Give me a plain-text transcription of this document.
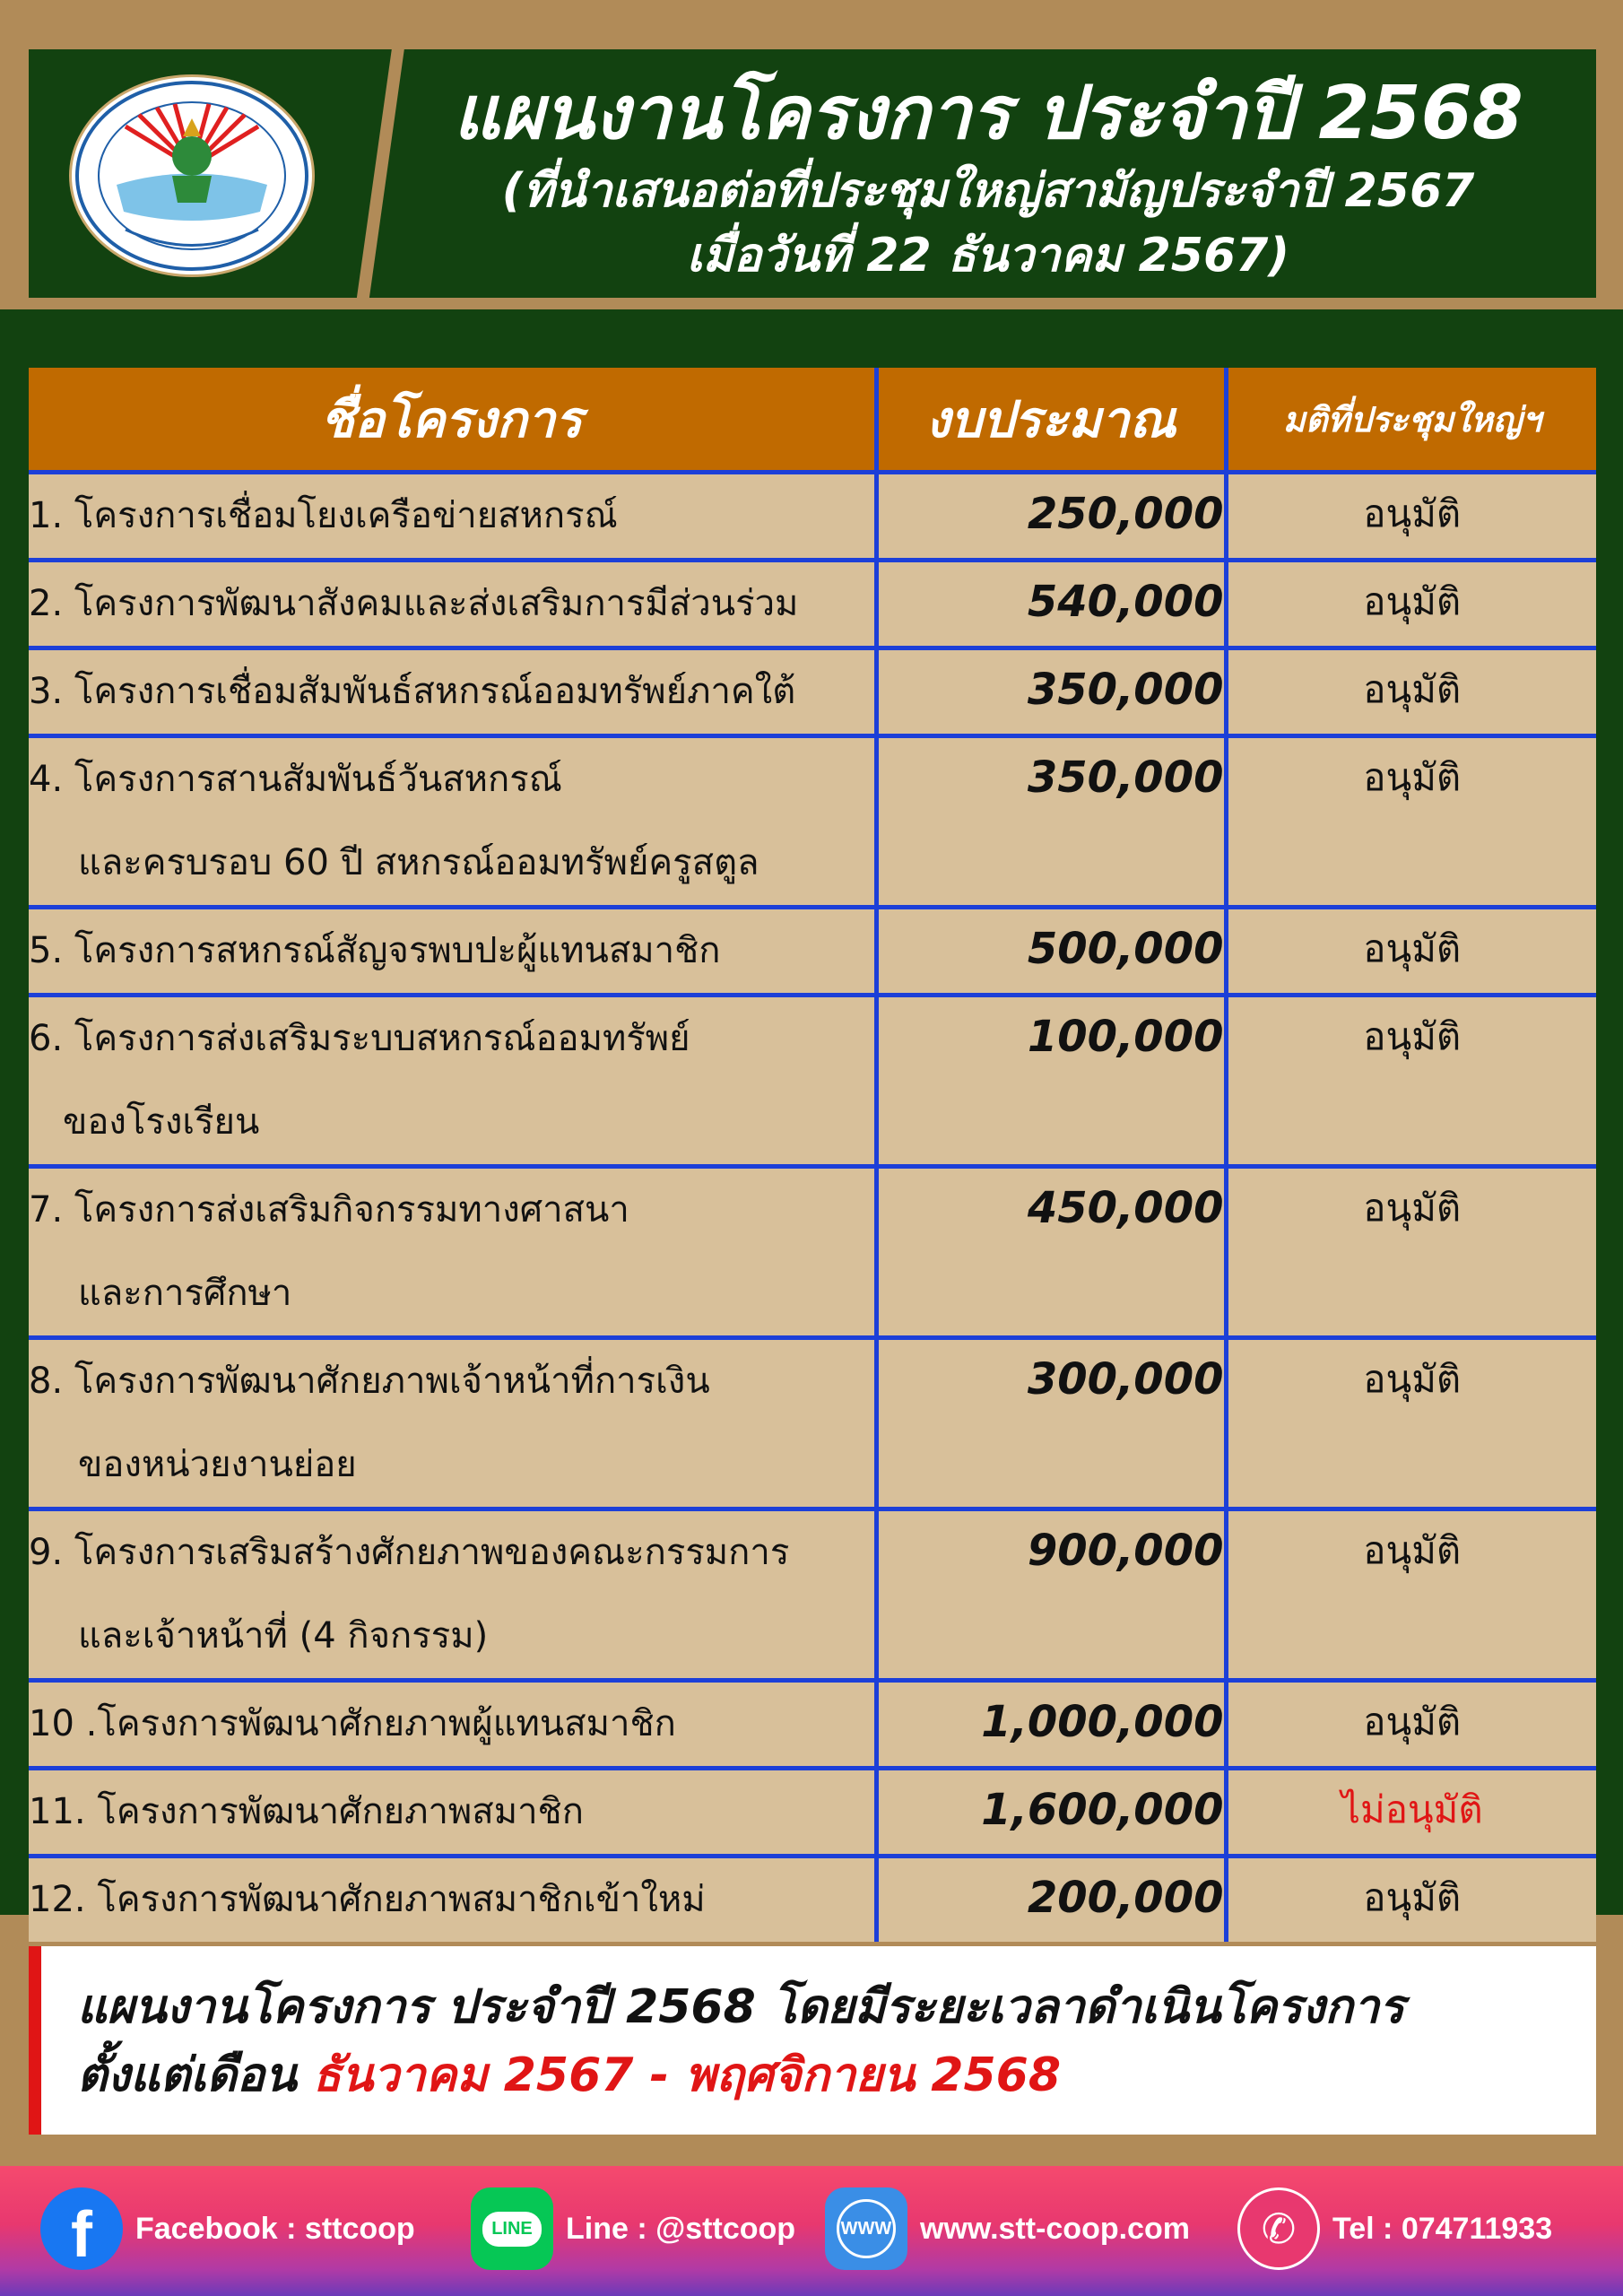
แผนงานโครงการ ประจำปี 2568
(ที่นำเสนอต่อที่ประชุมใหญ่สามัญประจำปี 2567
เมื่อวันที่ 22 ธันวาคม 2567)
ชื่อโครงการ	งบประมาณ	มติที่ประชุมใหญ่ฯ
1. โครงการเชื่อมโยงเครือข่ายสหกรณ์	250,000	อนุมัติ
2. โครงการพัฒนาสังคมและส่งเสริมการมีส่วนร่วม	540,000	อนุมัติ
3. โครงการเชื่อมสัมพันธ์สหกรณ์ออมทรัพย์ภาคใต้	350,000	อนุมัติ
4. โครงการสานสัมพันธ์วันสหกรณ์
และครบรอบ 60 ปี สหกรณ์ออมทรัพย์ครูสตูล	350,000	อนุมัติ
5. โครงการสหกรณ์สัญจรพบปะผู้แทนสมาชิก	500,000	อนุมัติ
6. โครงการส่งเสริมระบบสหกรณ์ออมทรัพย์
ของโรงเรียน	100,000	อนุมัติ
7. โครงการส่งเสริมกิจกรรมทางศาสนา
และการศึกษา	450,000	อนุมัติ
8. โครงการพัฒนาศักยภาพเจ้าหน้าที่การเงิน
ของหน่วยงานย่อย	300,000	อนุมัติ
9. โครงการเสริมสร้างศักยภาพของคณะกรรมการ
และเจ้าหน้าที่ (4 กิจกรรม)	900,000	อนุมัติ
10 .โครงการพัฒนาศักยภาพผู้แทนสมาชิก	1,000,000	อนุมัติ
11. โครงการพัฒนาศักยภาพสมาชิก	1,600,000	ไม่อนุมัติ
12. โครงการพัฒนาศักยภาพสมาชิกเข้าใหม่	200,000	อนุมัติ
แผนงานโครงการ ประจำปี 2568 โดยมีระยะเวลาดำเนินโครงการ
ตั้งแต่เดือน ธันวาคม 2567 - พฤศจิกายน 2568
f Facebook : sttcoop	LINE Line : @sttcoop	WWW www.stt-coop.com ✆ Tel : 074711933
